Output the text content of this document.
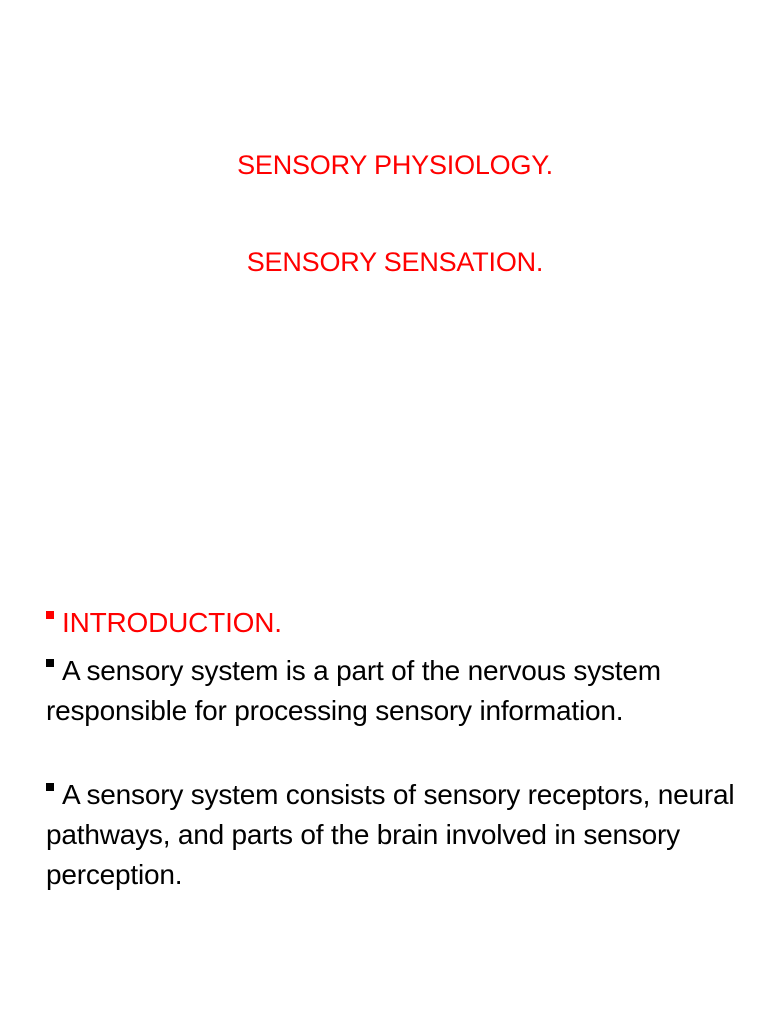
SENSORY PHYSIOLOGY.

SENSORY SENSATION.

INTRODUCTION.

A sensory system is a part of the nervous system responsible for processing sensory information.

A sensory system consists of sensory receptors, neural pathways, and parts of the brain involved in sensory perception.
